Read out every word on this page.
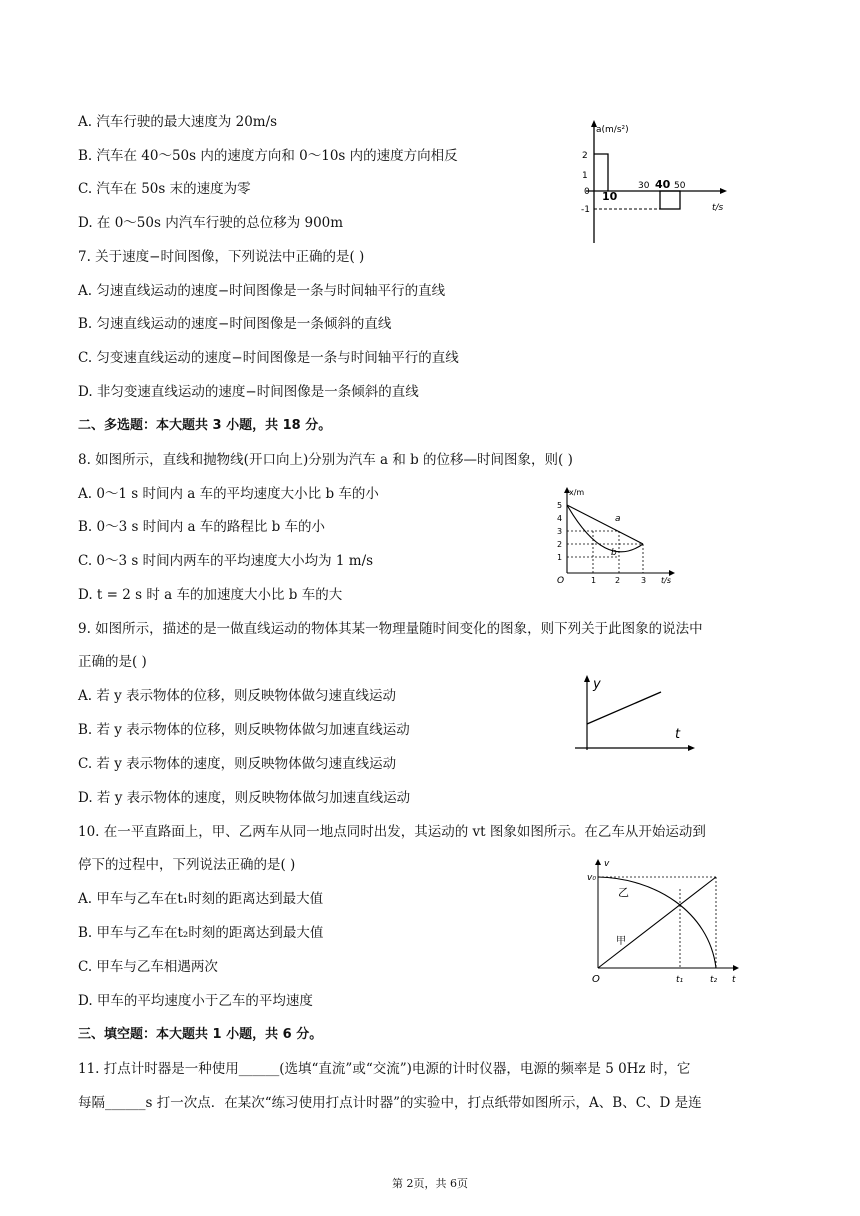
A. 汽车行驶的最大速度为 20m/s
B. 汽车在 40～50s 内的速度方向和 0～10s 内的速度方向相反
C. 汽车在 50s 末的速度为零
D. 在 0～50s 内汽车行驶的总位移为 900m
7. 关于速度−时间图像，下列说法中正确的是( )
A. 匀速直线运动的速度−时间图像是一条与时间轴平行的直线
B. 匀速直线运动的速度−时间图像是一条倾斜的直线
C. 匀变速直线运动的速度−时间图像是一条与时间轴平行的直线
D. 非匀变速直线运动的速度−时间图像是一条倾斜的直线
二、多选题：本大题共 3 小题，共 18 分。
8. 如图所示，直线和抛物线(开口向上)分别为汽车 a 和 b 的位移—时间图象，则( )
A. 0～1 s 时间内 a 车的平均速度大小比 b 车的小
B. 0～3 s 时间内 a 车的路程比 b 车的小
C. 0～3 s 时间内两车的平均速度大小均为 1 m/s
D. t = 2 s 时 a 车的加速度大小比 b 车的大
9. 如图所示，描述的是一做直线运动的物体其某一物理量随时间变化的图象，则下列关于此图象的说法中
正确的是( )
A. 若 y 表示物体的位移，则反映物体做匀速直线运动
B. 若 y 表示物体的位移，则反映物体做匀加速直线运动
C. 若 y 表示物体的速度，则反映物体做匀速直线运动
D. 若 y 表示物体的速度，则反映物体做匀加速直线运动
10. 在一平直路面上，甲、乙两车从同一地点同时出发，其运动的 vt 图象如图所示。在乙车从开始运动到
停下的过程中，下列说法正确的是( )
A. 甲车与乙车在t₁时刻的距离达到最大值
B. 甲车与乙车在t₂时刻的距离达到最大值
C. 甲车与乙车相遇两次
D. 甲车的平均速度小于乙车的平均速度
三、填空题：本大题共 1 小题，共 6 分。
11. 打点计时器是一种使用______(选填“直流”或“交流”)电源的计时仪器，电源的频率是 5 0Hz 时，它
每隔______s 打一次点．在某次“练习使用打点计时器”的实验中，打点纸带如图所示，A、B、C、D 是连
a(m/s²)
t/s
2
1
0
-1
10
30 40 50
x/m
t/s
O
5
4
3
2
1
1 2	3
a
b
y
t
v
t
v₀
O	t₁	t₂
乙
甲
第 2页，共 6页
